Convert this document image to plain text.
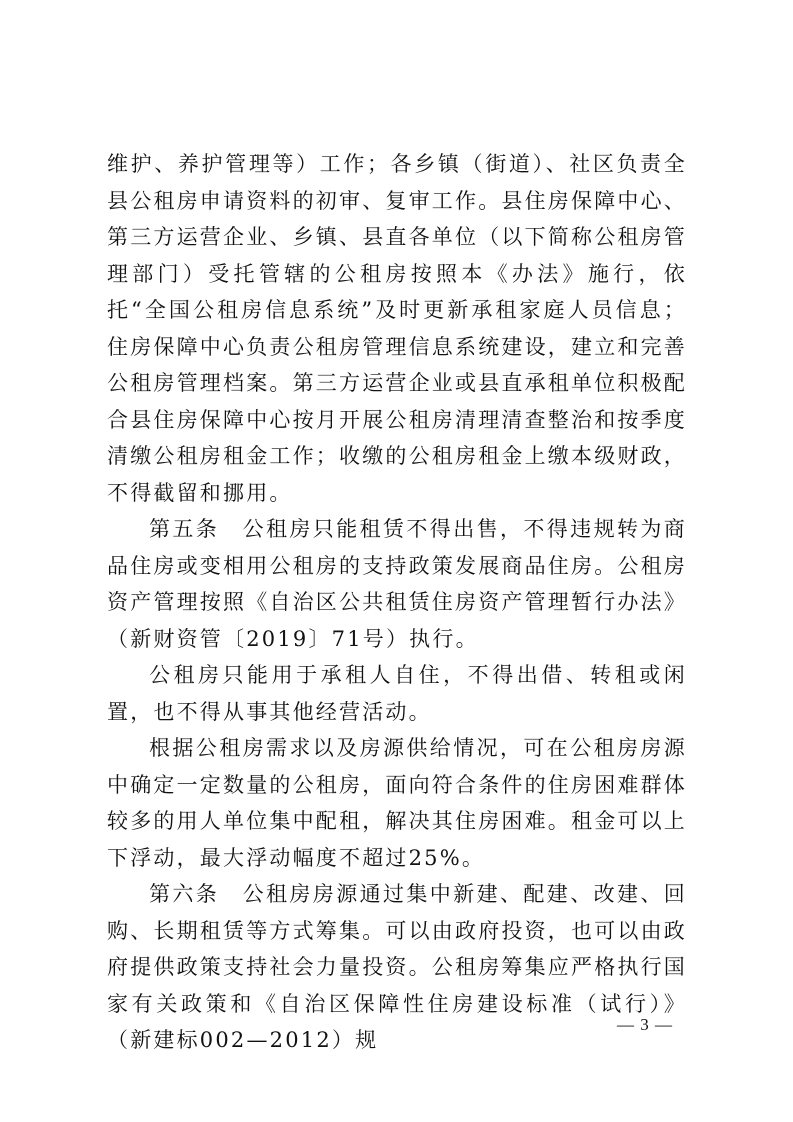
维护、养护管理等）工作；各乡镇（街道）、社区负责全县公租房申请资料的初审、复审工作。县住房保障中心、第三方运营企业、乡镇、县直各单位（以下简称公租房管理部门）受托管辖的公租房按照本《办法》施行，依托“全国公租房信息系统”及时更新承租家庭人员信息；住房保障中心负责公租房管理信息系统建设，建立和完善公租房管理档案。第三方运营企业或县直承租单位积极配合县住房保障中心按月开展公租房清理清查整治和按季度清缴公租房租金工作；收缴的公租房租金上缴本级财政，不得截留和挪用。

第五条　公租房只能租赁不得出售，不得违规转为商品住房或变相用公租房的支持政策发展商品住房。公租房资产管理按照《自治区公共租赁住房资产管理暂行办法》（新财资管〔2019〕71号）执行。

公租房只能用于承租人自住，不得出借、转租或闲置，也不得从事其他经营活动。

根据公租房需求以及房源供给情况，可在公租房房源中确定一定数量的公租房，面向符合条件的住房困难群体较多的用人单位集中配租，解决其住房困难。租金可以上下浮动，最大浮动幅度不超过25%。

第六条　公租房房源通过集中新建、配建、改建、回购、长期租赁等方式筹集。可以由政府投资，也可以由政府提供政策支持社会力量投资。公租房筹集应严格执行国家有关政策和《自治区保障性住房建设标准（试行）》（新建标002—2012）规

— 3 —
